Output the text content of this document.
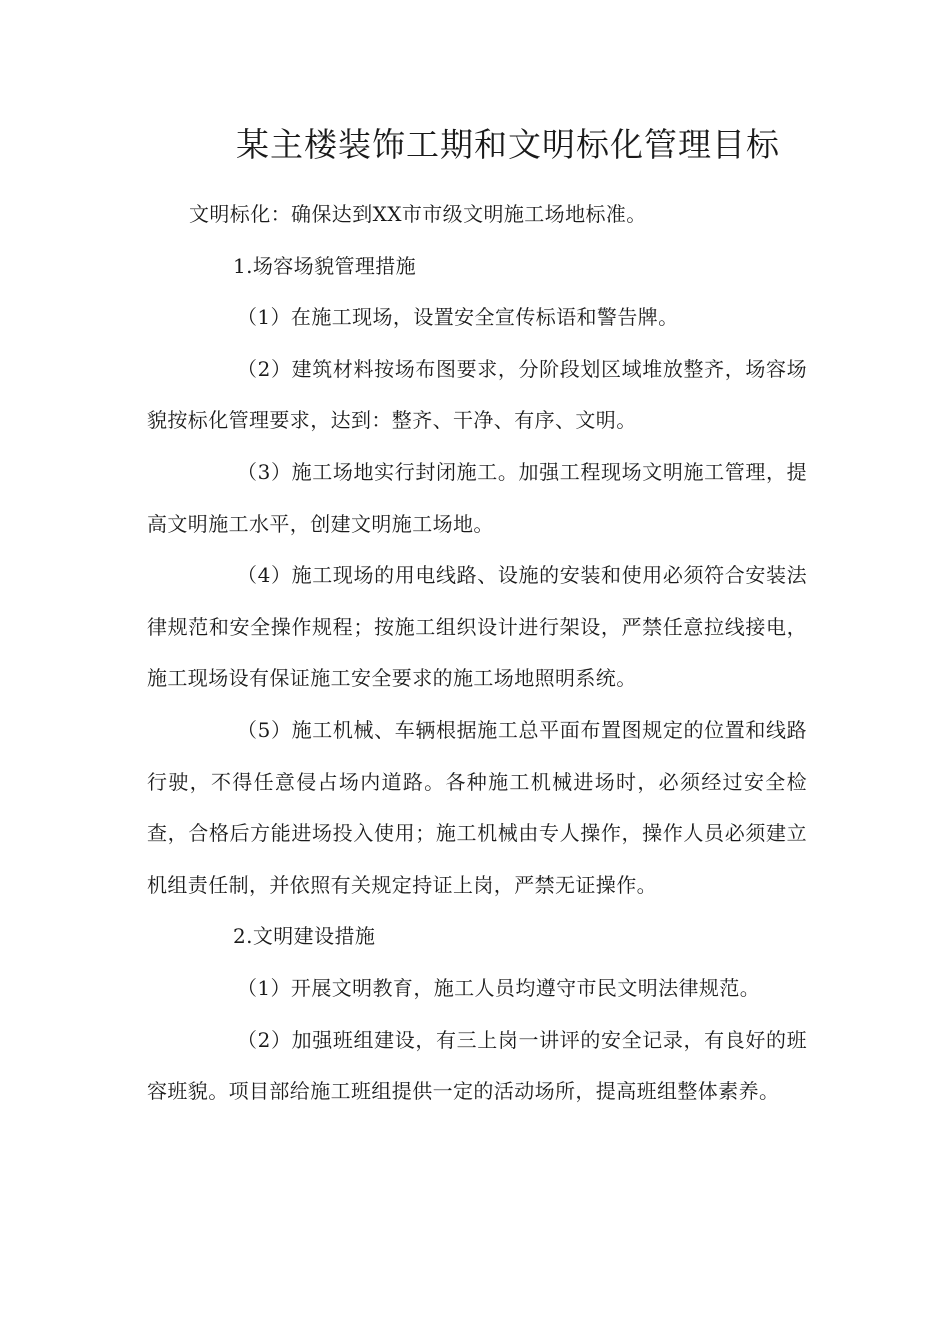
某主楼装饰工期和文明标化管理目标

文明标化：确保达到XX市市级文明施工场地标准。

1.场容场貌管理措施

（1）在施工现场，设置安全宣传标语和警告牌。

（2）建筑材料按场布图要求，分阶段划区域堆放整齐，场容场貌按标化管理要求，达到：整齐、干净、有序、文明。

（3）施工场地实行封闭施工。加强工程现场文明施工管理，提高文明施工水平，创建文明施工场地。

（4）施工现场的用电线路、设施的安装和使用必须符合安装法律规范和安全操作规程；按施工组织设计进行架设，严禁任意拉线接电，施工现场设有保证施工安全要求的施工场地照明系统。

（5）施工机械、车辆根据施工总平面布置图规定的位置和线路行驶，不得任意侵占场内道路。各种施工机械进场时，必须经过安全检查，合格后方能进场投入使用；施工机械由专人操作，操作人员必须建立机组责任制，并依照有关规定持证上岗，严禁无证操作。

2.文明建设措施

（1）开展文明教育，施工人员均遵守市民文明法律规范。

（2）加强班组建设，有三上岗一讲评的安全记录，有良好的班容班貌。项目部给施工班组提供一定的活动场所，提高班组整体素养。
